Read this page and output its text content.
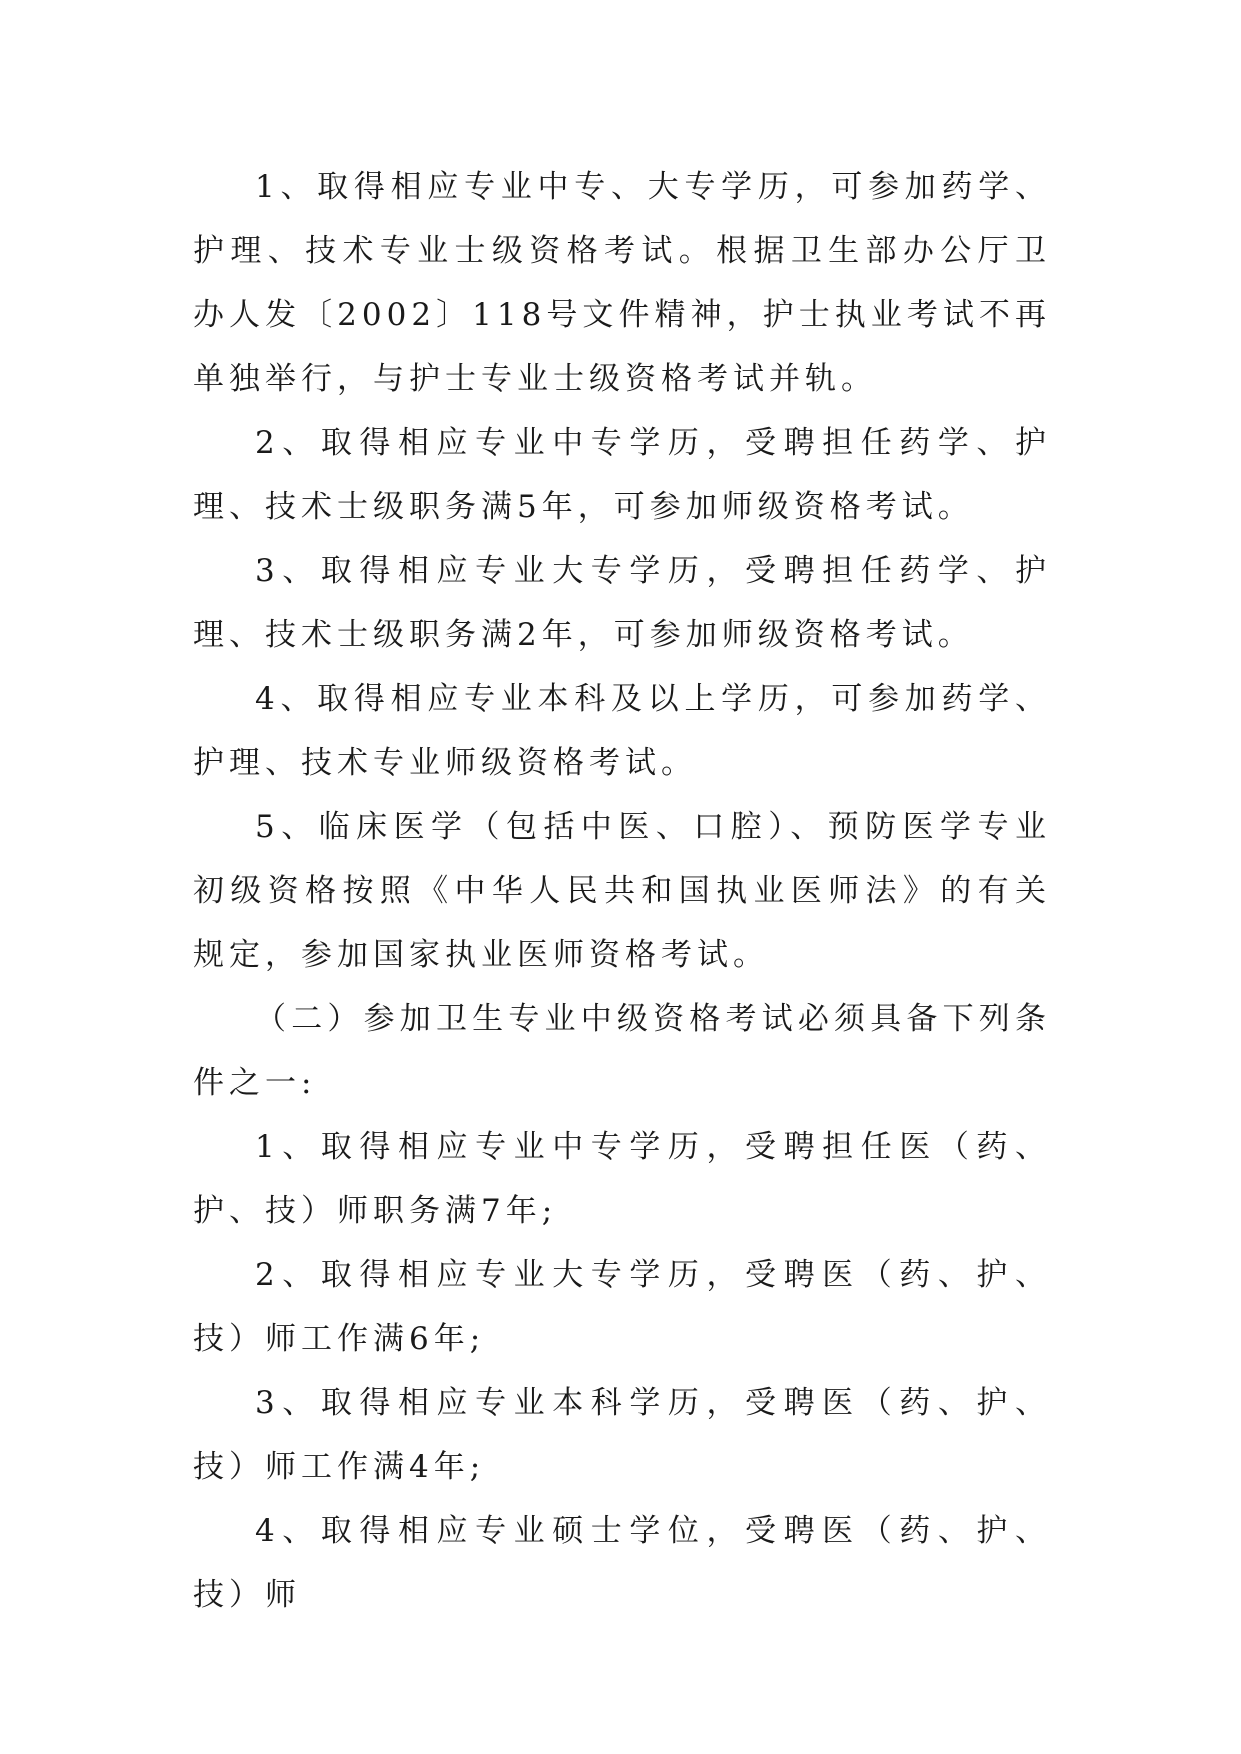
1、取得相应专业中专、大专学历，可参加药学、护理、技术专业士级资格考试。根据卫生部办公厅卫办人发〔2002〕118号文件精神，护士执业考试不再单独举行，与护士专业士级资格考试并轨。

2、取得相应专业中专学历，受聘担任药学、护理、技术士级职务满5年，可参加师级资格考试。

3、取得相应专业大专学历，受聘担任药学、护理、技术士级职务满2年，可参加师级资格考试。

4、取得相应专业本科及以上学历，可参加药学、护理、技术专业师级资格考试。

5、临床医学（包括中医、口腔）、预防医学专业初级资格按照《中华人民共和国执业医师法》的有关规定，参加国家执业医师资格考试。

（二）参加卫生专业中级资格考试必须具备下列条件之一:

1、取得相应专业中专学历，受聘担任医（药、护、技）师职务满7年;

2、取得相应专业大专学历，受聘医（药、护、技）师工作满6年;

3、取得相应专业本科学历，受聘医（药、护、技）师工作满4年;

4、取得相应专业硕士学位，受聘医（药、护、技）师
